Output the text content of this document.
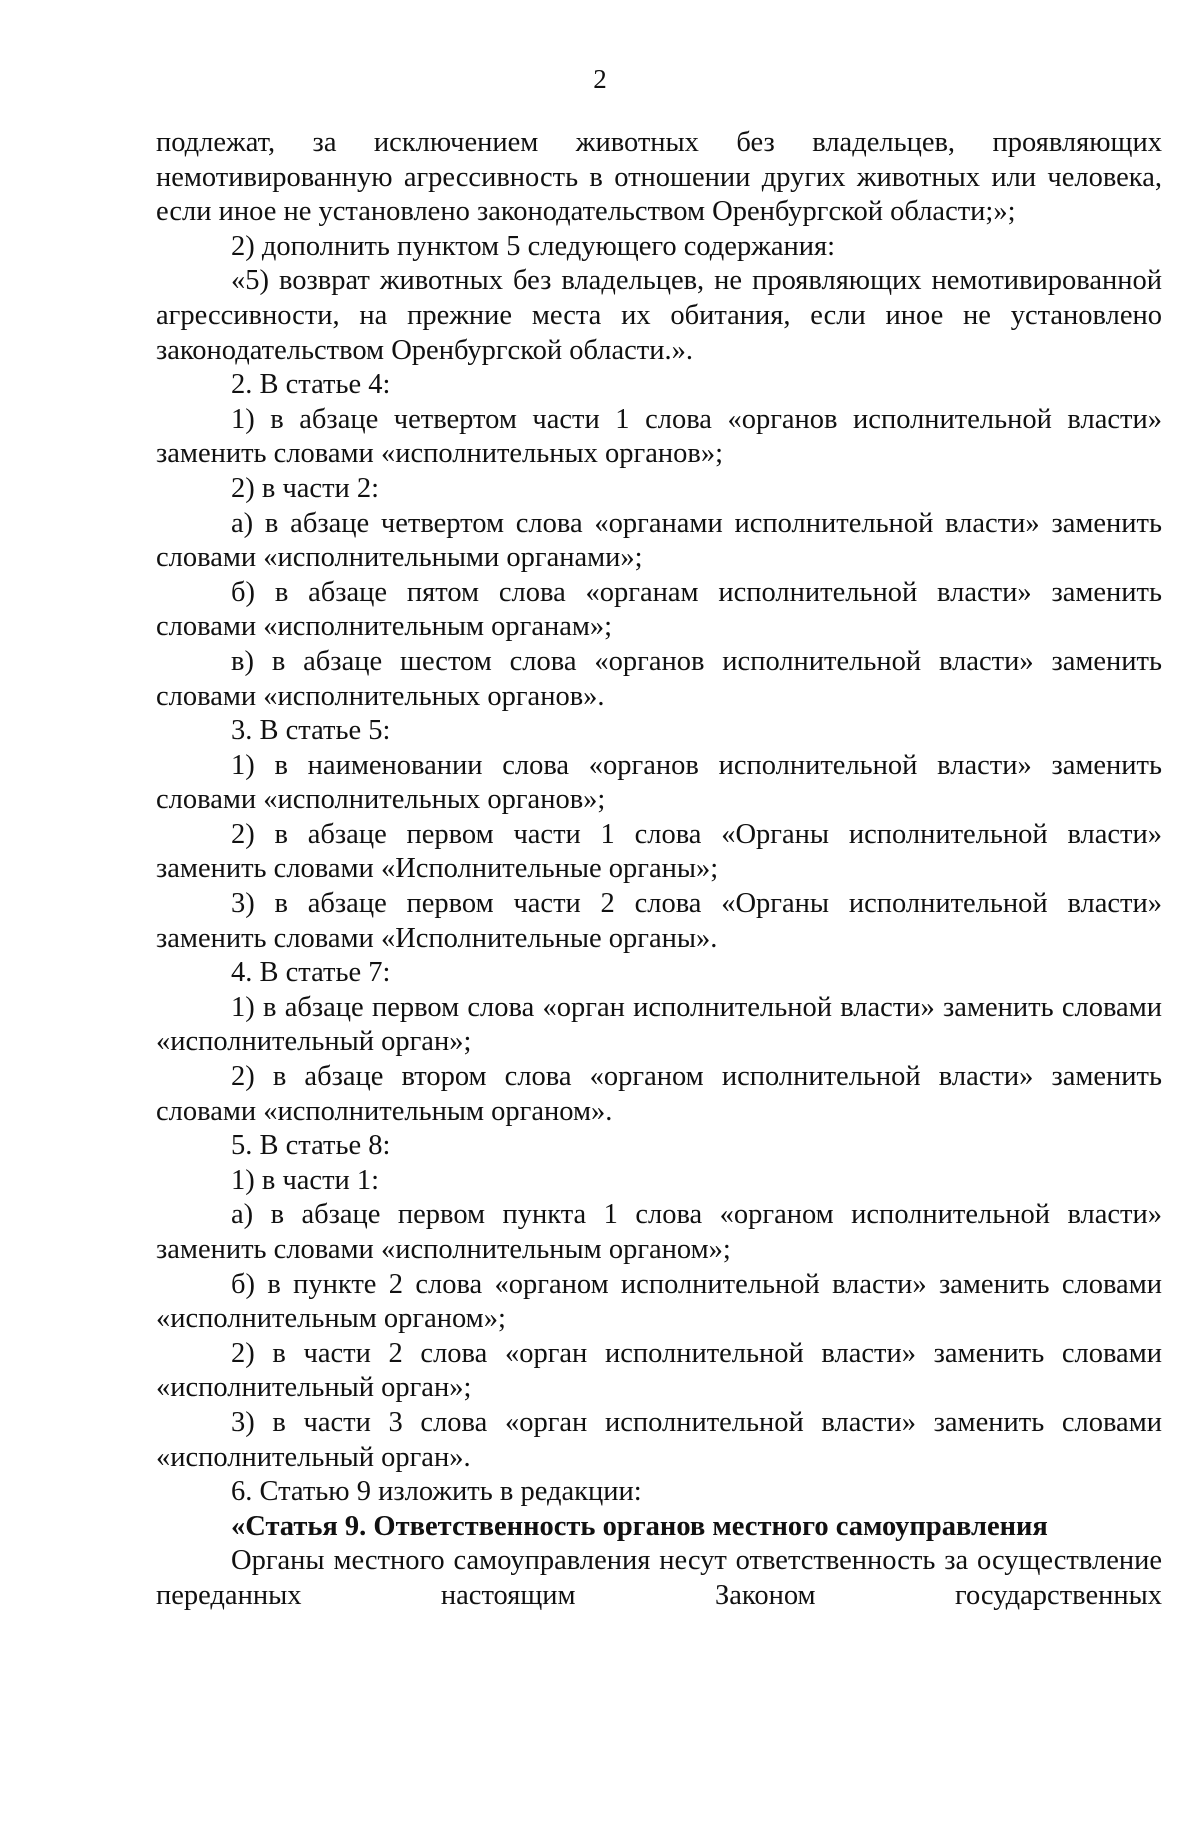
2

подлежат, за исключением животных без владельцев, проявляющих немотивированную агрессивность в отношении других животных или человека, если иное не установлено законодательством Оренбургской области;»;

2) дополнить пунктом 5 следующего содержания:

«5) возврат животных без владельцев, не проявляющих немотивированной агрессивности, на прежние места их обитания, если иное не установлено законодательством Оренбургской области.».

2. В статье 4:

1) в абзаце четвертом части 1 слова «органов исполнительной власти» заменить словами «исполнительных органов»;

2) в части 2:

а) в абзаце четвертом слова «органами исполнительной власти» заменить словами «исполнительными органами»;

б) в абзаце пятом слова «органам исполнительной власти» заменить словами «исполнительным органам»;

в) в абзаце шестом слова «органов исполнительной власти» заменить словами «исполнительных органов».

3. В статье 5:

1) в наименовании слова «органов исполнительной власти» заменить словами «исполнительных органов»;

2) в абзаце первом части 1 слова «Органы исполнительной власти» заменить словами «Исполнительные органы»;

3) в абзаце первом части 2 слова «Органы исполнительной власти» заменить словами «Исполнительные органы».

4. В статье 7:

1) в абзаце первом слова «орган исполнительной власти» заменить словами «исполнительный орган»;

2) в абзаце втором слова «органом исполнительной власти» заменить словами «исполнительным органом».

5. В статье 8:

1) в части 1:

а) в абзаце первом пункта 1 слова «органом исполнительной власти» заменить словами «исполнительным органом»;

б) в пункте 2 слова «органом исполнительной власти» заменить словами «исполнительным органом»;

2) в части 2 слова «орган исполнительной власти» заменить словами «исполнительный орган»;

3) в части 3 слова «орган исполнительной власти» заменить словами «исполнительный орган».

6. Статью 9 изложить в редакции:

«Статья 9. Ответственность органов местного самоуправления

Органы местного самоуправления несут ответственность за осуществление переданных настоящим Законом государственных
